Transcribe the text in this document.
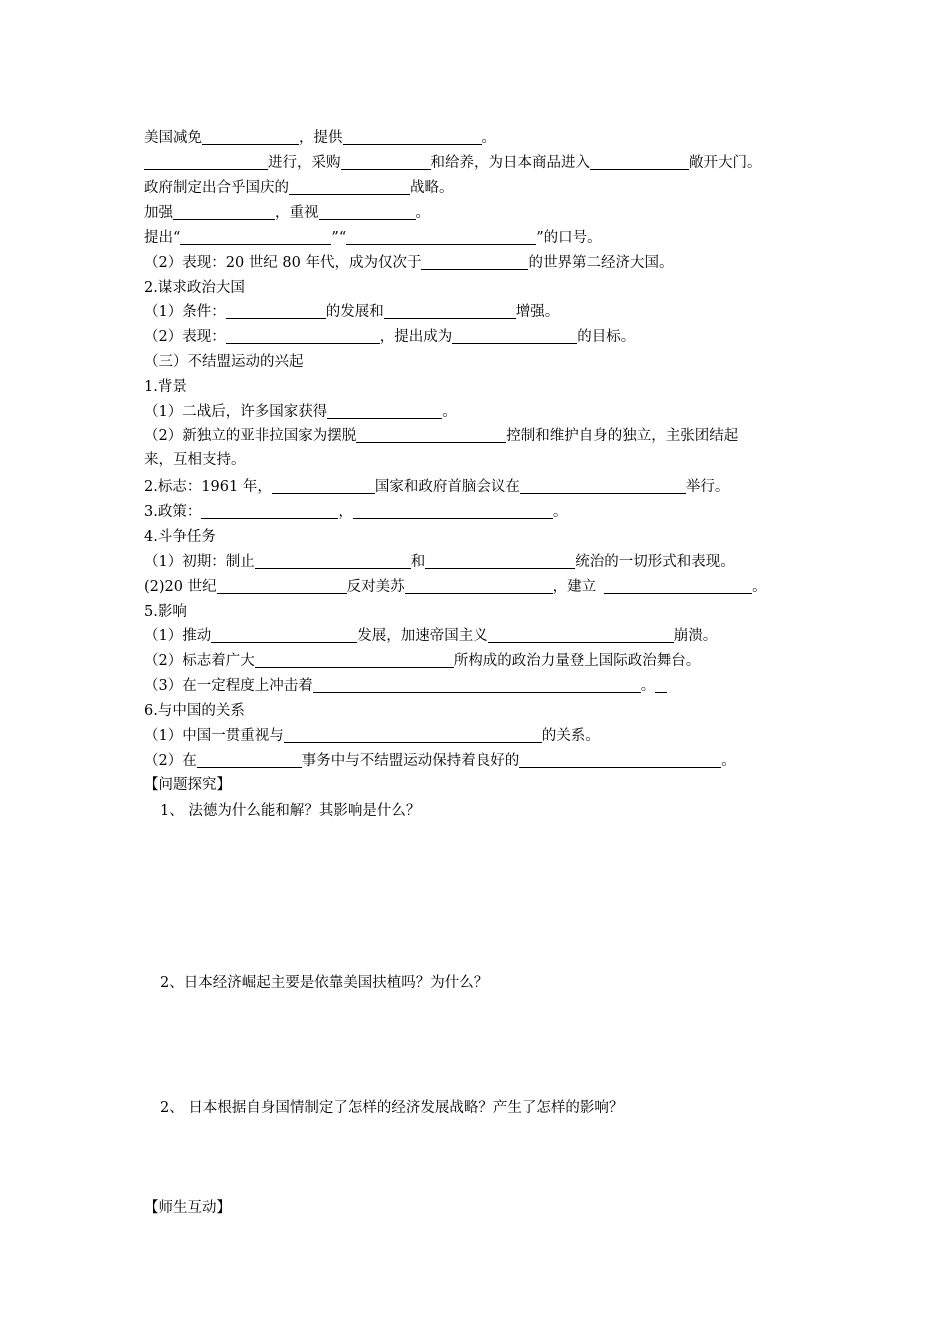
美国减免	，提供	。
进行，采购	和给养，为日本商品进入	敞开大门。
政府制定出合乎国庆的	战略。
加强	，重视	。
提出“	”“	”的口号。
（2）表现：20 世纪 80 年代，成为仅次于	的世界第二经济大国。
2.谋求政治大国
（1）条件：	的发展和	增强。
（2）表现：	，提出成为	的目标。
（三）不结盟运动的兴起
1.背景
（1）二战后，许多国家获得	。
（2）新独立的亚非拉国家为摆脱	控制和维护自身的独立，主张团结起
来，互相支持。
2.标志：1961 年，	国家和政府首脑会议在	举行。
3.政策：	，	。
4.斗争任务
（1）初期：制止	和	统治的一切形式和表现。
(2)20 世纪	反对美苏	，建立	。
5.影响
（1）推动	发展，加速帝国主义	崩溃。
（2）标志着广大	所构成的政治力量登上国际政治舞台。
（3）在一定程度上冲击着	。
6.与中国的关系
（1）中国一贯重视与	的关系。
（2）在	事务中与不结盟运动保持着良好的	。
【问题探究】
1、 法德为什么能和解？其影响是什么？
2、日本经济崛起主要是依靠美国扶植吗？为什么？
2、 日本根据自身国情制定了怎样的经济发展战略？产生了怎样的影响？
【师生互动】
